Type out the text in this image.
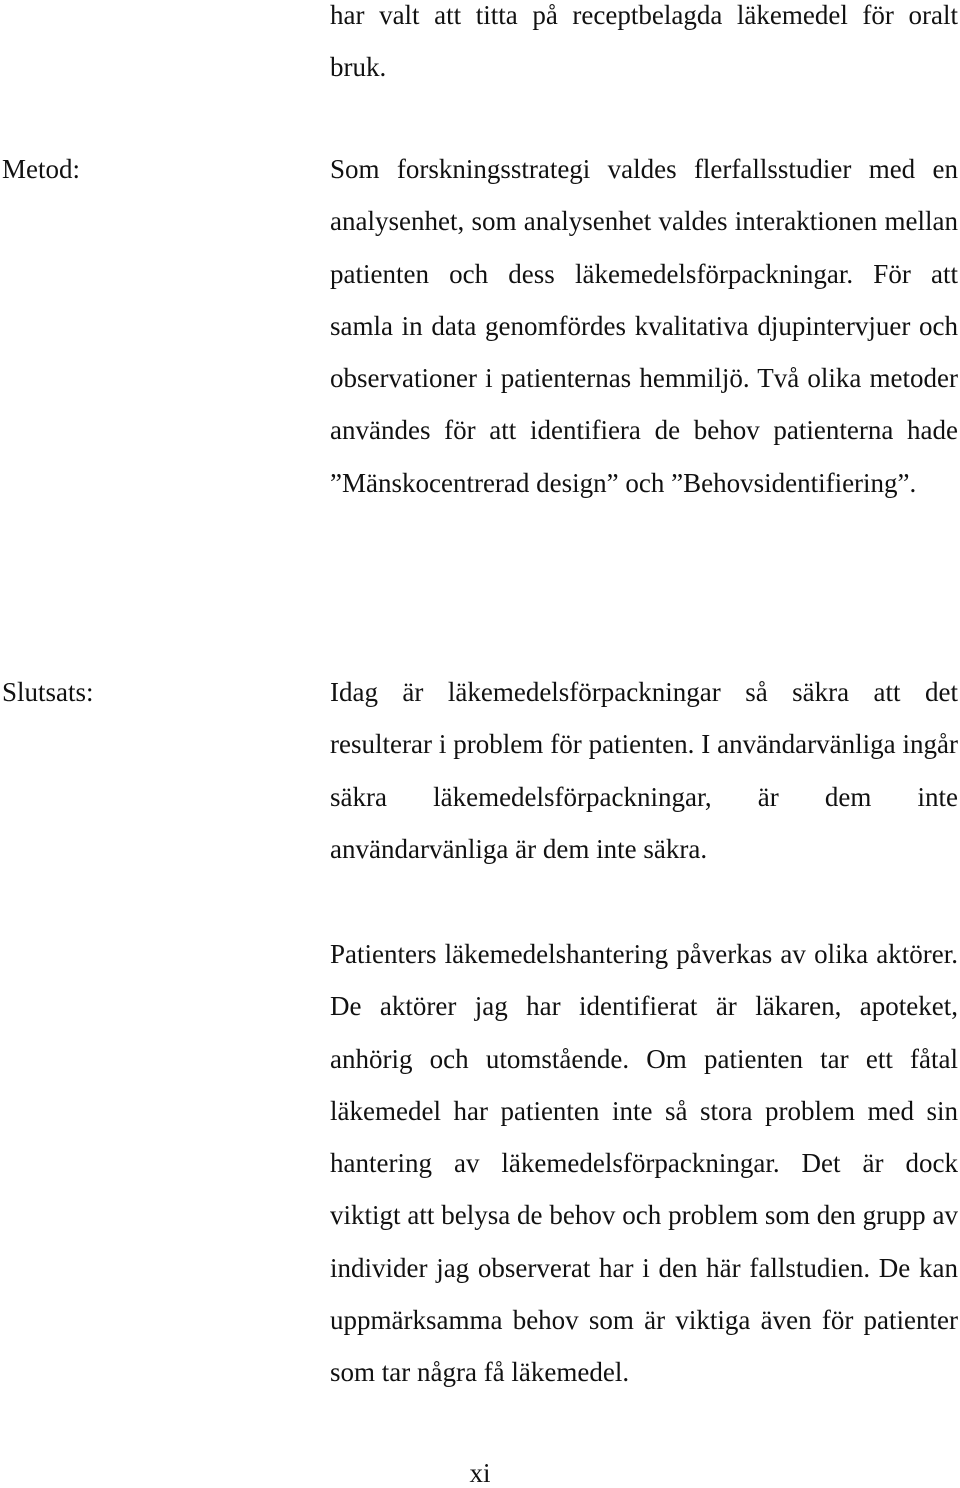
har valt att titta på receptbelagda läkemedel för oralt bruk.

Metod:	Som forskningsstrategi valdes flerfallsstudier med en analysenhet, som analysenhet valdes interaktionen mellan patienten och dess läkemedelsförpackningar. För att samla in data genomfördes kvalitativa djupintervjuer och observationer i patienternas hemmiljö. Två olika metoder användes för att identifiera de behov patienterna hade ”Mänskocentrerad design” och ”Behovsidentifiering”.

Slutsats:	Idag är läkemedelsförpackningar så säkra att det resulterar i problem för patienten. I användarvänliga ingår säkra läkemedelsförpackningar, är dem inte användarvänliga är dem inte säkra.

Patienters läkemedelshantering påverkas av olika aktörer. De aktörer jag har identifierat är läkaren, apoteket, anhörig och utomstående. Om patienten tar ett fåtal läkemedel har patienten inte så stora problem med sin hantering av läkemedelsförpackningar. Det är dock viktigt att belysa de behov och problem som den grupp av individer jag observerat har i den här fallstudien. De kan uppmärksamma behov som är viktiga även för patienter som tar några få läkemedel.

xi
